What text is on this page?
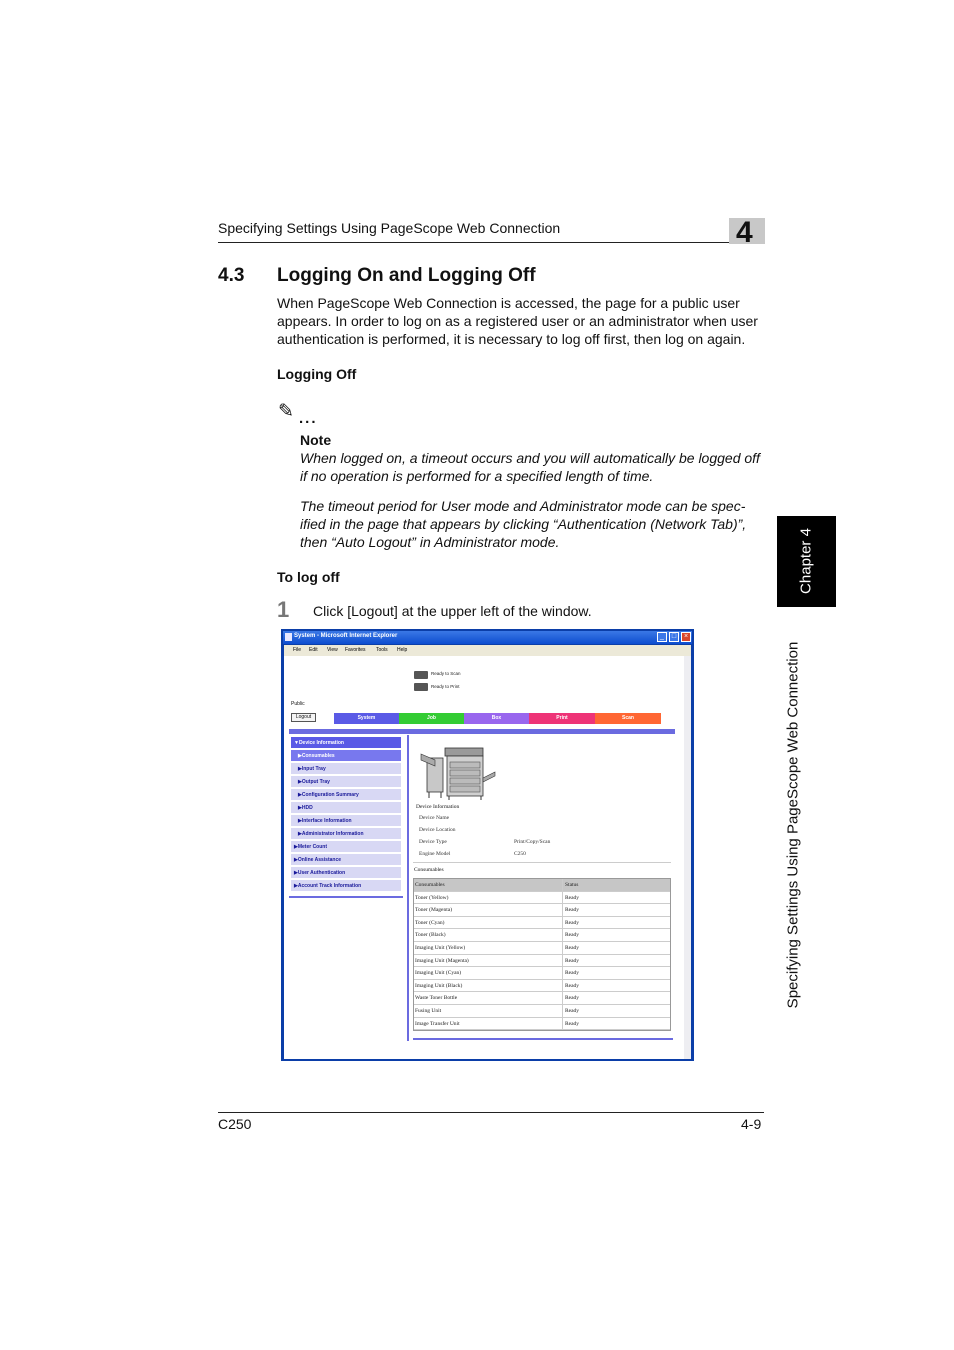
Specifying Settings Using PageScope Web Connection	4
Chapter 4
Specifying Settings Using PageScope Web Connection
4.3 Logging On and Logging Off
When PageScope Web Connection is accessed, the page for a public user appears. In order to log on as a registered user or an administrator when user authentication is performed, it is necessary to log off first, then log on again.
Logging Off
✎ ...
Note
When logged on, a timeout occurs and you will automatically be logged off if no operation is performed for a specified length of time.
The timeout period for User mode and Administrator mode can be spec-ified in the page that appears by clicking “Authentication (Network Tab)”, then “Auto Logout” in Administrator mode.
To log off
1 Click [Logout] at the upper left of the window.
System - Microsoft Internet Explorer	_	□	×
File Edit View Favorites Tools Help
Ready to Scan
Ready to Print
Public
Logout	System	Job	Box	Print	Scan
▼Device Information
▶Consumables
▶Input Tray
▶Output Tray
▶Configuration Summary
▶HDD
▶Interface Information
▶Administrator Information
▶Meter Count
▶Online Assistance
▶User Authentication
▶Account Track Information
Device Information
Device Name
Device Location
Device Type	Print/Copy/Scan
Engine Model	C250
Consumables
Consumables	Status
Toner (Yellow)	Ready
Toner (Magenta)	Ready
Toner (Cyan)	Ready
Toner (Black)	Ready
Imaging Unit (Yellow)	Ready
Imaging Unit (Magenta)	Ready
Imaging Unit (Cyan)	Ready
Imaging Unit (Black)	Ready
Waste Toner Bottle	Ready
Fusing Unit	Ready
Image Transfer Unit	Ready
C250	4-9
